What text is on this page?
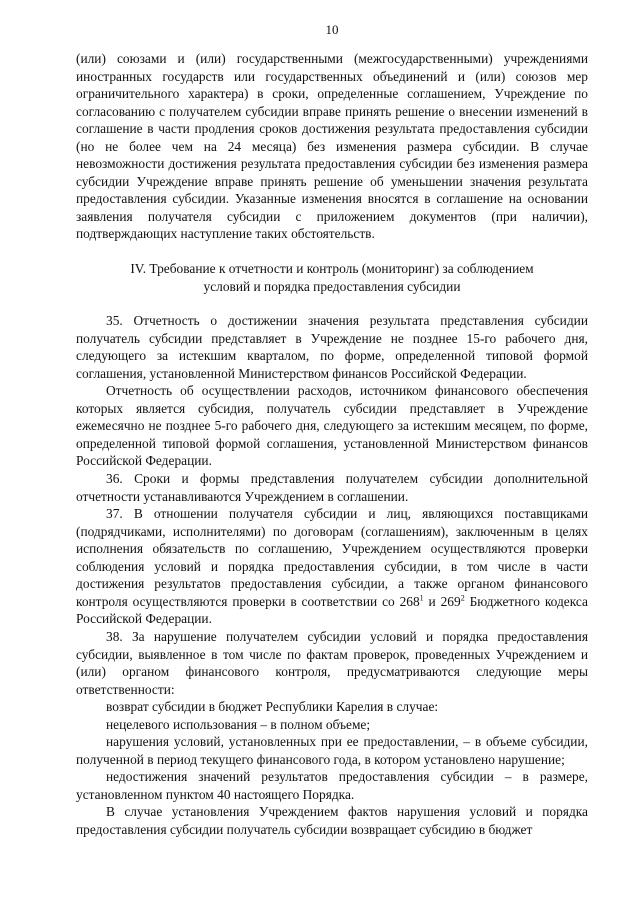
10

(или) союзами и (или) государственными (межгосударственными) учреждениями иностранных государств или государственных объединений и (или) союзов мер ограничительного характера) в сроки, определенные соглашением, Учреждение по согласованию с получателем субсидии вправе принять решение о внесении изменений в соглашение в части продления сроков достижения результата предоставления субсидии (но не более чем на 24 месяца) без изменения размера субсидии. В случае невозможности достижения результата предоставления субсидии без изменения размера субсидии Учреждение вправе принять решение об уменьшении значения результата предоставления субсидии. Указанные изменения вносятся в соглашение на основании заявления получателя субсидии с приложением документов (при наличии), подтверждающих наступление таких обстоятельств.

IV. Требование к отчетности и контроль (мониторинг) за соблюдением
условий и порядка предоставления субсидии

35. Отчетность о достижении значения результата представления субсидии получатель субсидии представляет в Учреждение не позднее 15-го рабочего дня, следующего за истекшим кварталом, по форме, определенной типовой формой соглашения, установленной Министерством финансов Российской Федерации.

Отчетность об осуществлении расходов, источником финансового обеспечения которых является субсидия, получатель субсидии представляет в Учреждение ежемесячно не позднее 5-го рабочего дня, следующего за истекшим месяцем, по форме, определенной типовой формой соглашения, установленной Министерством финансов Российской Федерации.

36. Сроки и формы представления получателем субсидии дополнительной отчетности устанавливаются Учреждением в соглашении.

37. В отношении получателя субсидии и лиц, являющихся поставщиками (подрядчиками, исполнителями) по договорам (соглашениям), заключенным в целях исполнения обязательств по соглашению, Учреждением осуществляются проверки соблюдения условий и порядка предоставления субсидии, в том числе в части достижения результатов предоставления субсидии, а также органом финансового контроля осуществляются проверки в соответствии со $268^1$ и $269^2$ Бюджетного кодекса Российской Федерации.

38. За нарушение получателем субсидии условий и порядка предоставления субсидии, выявленное в том числе по фактам проверок, проведенных Учреждением и (или) органом финансового контроля, предусматриваются следующие меры ответственности:

возврат субсидии в бюджет Республики Карелия в случае:

нецелевого использования – в полном объеме;

нарушения условий, установленных при ее предоставлении, – в объеме субсидии, полученной в период текущего финансового года, в котором установлено нарушение;

недостижения значений результатов предоставления субсидии – в размере, установленном пунктом 40 настоящего Порядка.

В случае установления Учреждением фактов нарушения условий и порядка предоставления субсидии получатель субсидии возвращает субсидию в бюджет
